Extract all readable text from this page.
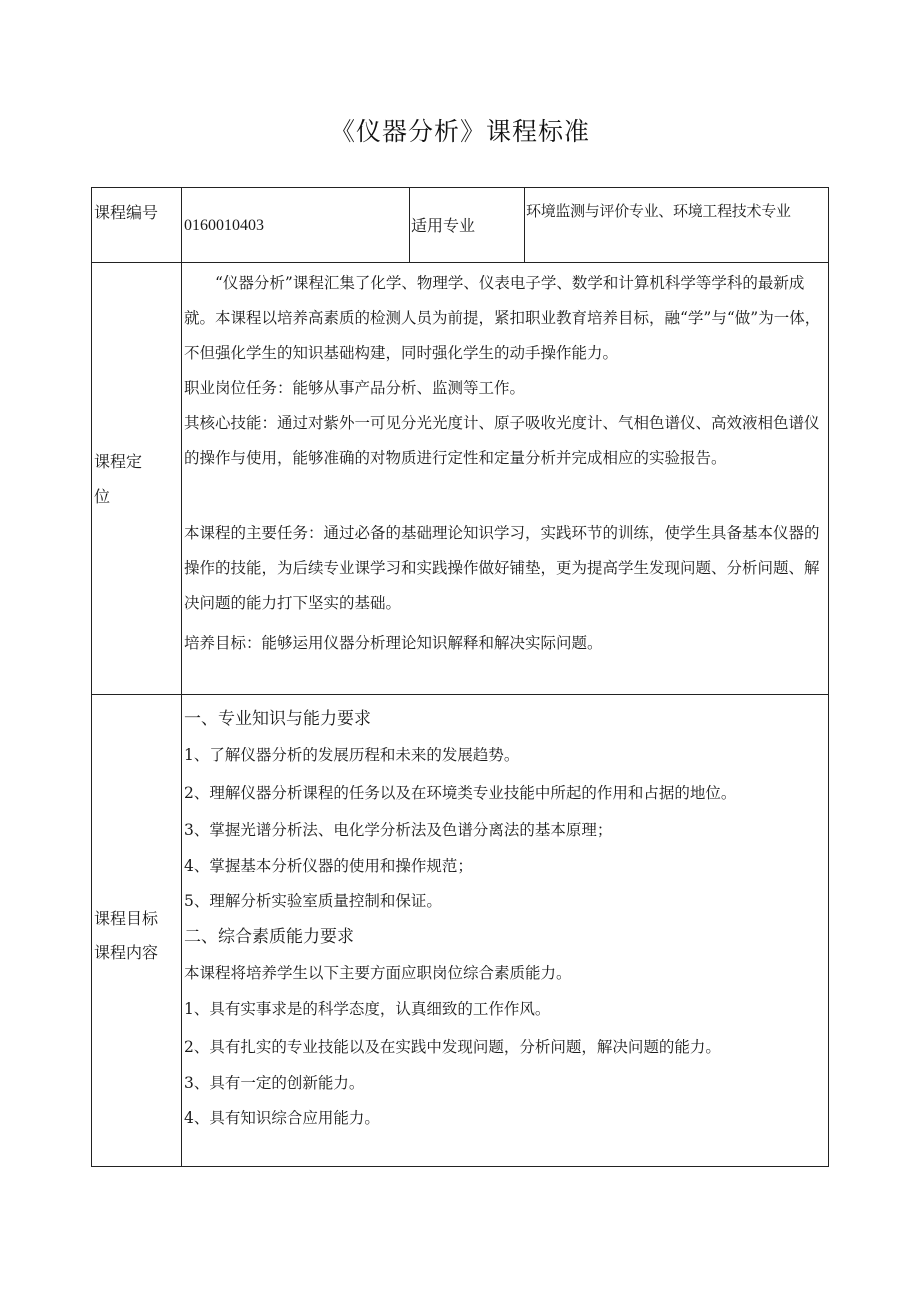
《仪器分析》课程标准
课程编号
0160010403	适用专业
环境监测与评价专业、环境工程技术专业
课程定
位

“仪器分析”课程汇集了化学、物理学、仪表电子学、数学和计算机科学等学科的最新成就。本课程以培养高素质的检测人员为前提，紧扣职业教育培养目标，融“学”与“做”为一体，不但强化学生的知识基础构建，同时强化学生的动手操作能力。

职业岗位任务：能够从事产品分析、监测等工作。

其核心技能：通过对紫外一可见分光光度计、原子吸收光度计、气相色谱仪、高效液相色谱仪的操作与使用，能够准确的对物质进行定性和定量分析并完成相应的实验报告。

本课程的主要任务：通过必备的基础理论知识学习，实践环节的训练，使学生具备基本仪器的操作的技能，为后续专业课学习和实践操作做好铺垫，更为提高学生发现问题、分析问题、解决问题的能力打下坚实的基础。

培养目标：能够运用仪器分析理论知识解释和解决实际问题。

课程目标
课程内容
一、专业知识与能力要求
1、了解仪器分析的发展历程和未来的发展趋势。
2、理解仪器分析课程的任务以及在环境类专业技能中所起的作用和占据的地位。
3、掌握光谱分析法、电化学分析法及色谱分离法的基本原理；
4、掌握基本分析仪器的使用和操作规范；
5、理解分析实验室质量控制和保证。
二、综合素质能力要求
本课程将培养学生以下主要方面应职岗位综合素质能力。
1、具有实事求是的科学态度，认真细致的工作作风。
2、具有扎实的专业技能以及在实践中发现问题，分析问题，解决问题的能力。
3、具有一定的创新能力。
4、具有知识综合应用能力。
